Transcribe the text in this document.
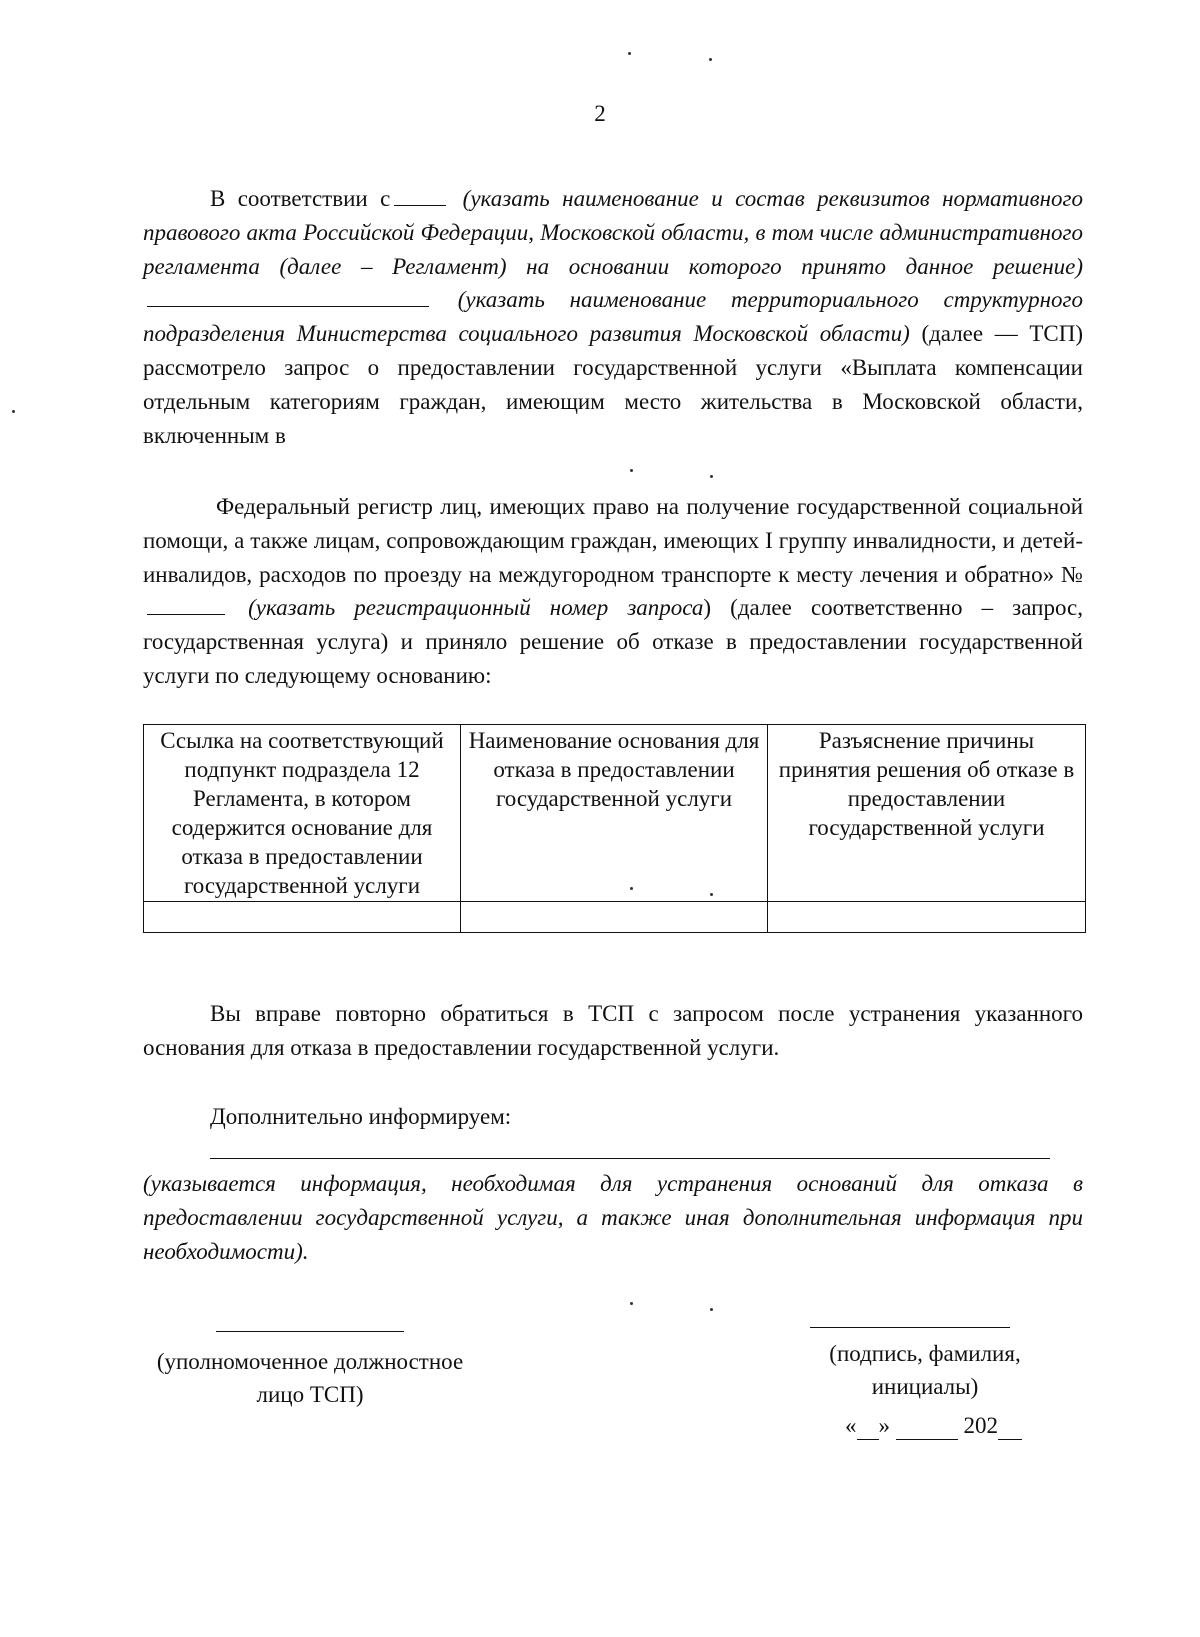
2
В соответствии с	(указать наименование и состав реквизитов нормативного правового акта Российской Федерации, Московской области, в том числе административного регламента (далее – Регламент) на основании которого принято данное решение)  (указать наименование территориального структурного подразделения Министерства социального развития Московской области) (далее — ТСП) рассмотрело запрос о предоставлении государственной услуги «Выплата компенсации отдельным категориям граждан, имеющим место жительства в Московской области, включенным в
Федеральный регистр лиц, имеющих право на получение государственной социальной помощи, а также лицам, сопровождающим граждан, имеющих I группу инвалидности, и детей-инвалидов, расходов по проезду на междугородном транспорте к месту лечения и обратно» № (указать регистрационный номер запроса) (далее соответственно – запрос, государственная услуга) и приняло решение об отказе в предоставлении государственной услуги по следующему основанию:
Ссылка на соответствующий подпункт подраздела 12 Регламента, в котором содержится основание для отказа в предоставлении государственной услуги	Наименование основания для отказа в предоставлении государственной услуги	Разъяснение причины принятия решения об отказе в предоставлении государственной услуги

Вы вправе повторно обратиться в ТСП с запросом после устранения указанного основания для отказа в предоставлении государственной услуги.
Дополнительно информируем:
(указывается информация, необходимая для устранения оснований для отказа в предоставлении государственной услуги, а также иная дополнительная информация при необходимости).
(уполномоченное должностное лицо ТСП)
(подпись, фамилия, инициалы)
« »	202
